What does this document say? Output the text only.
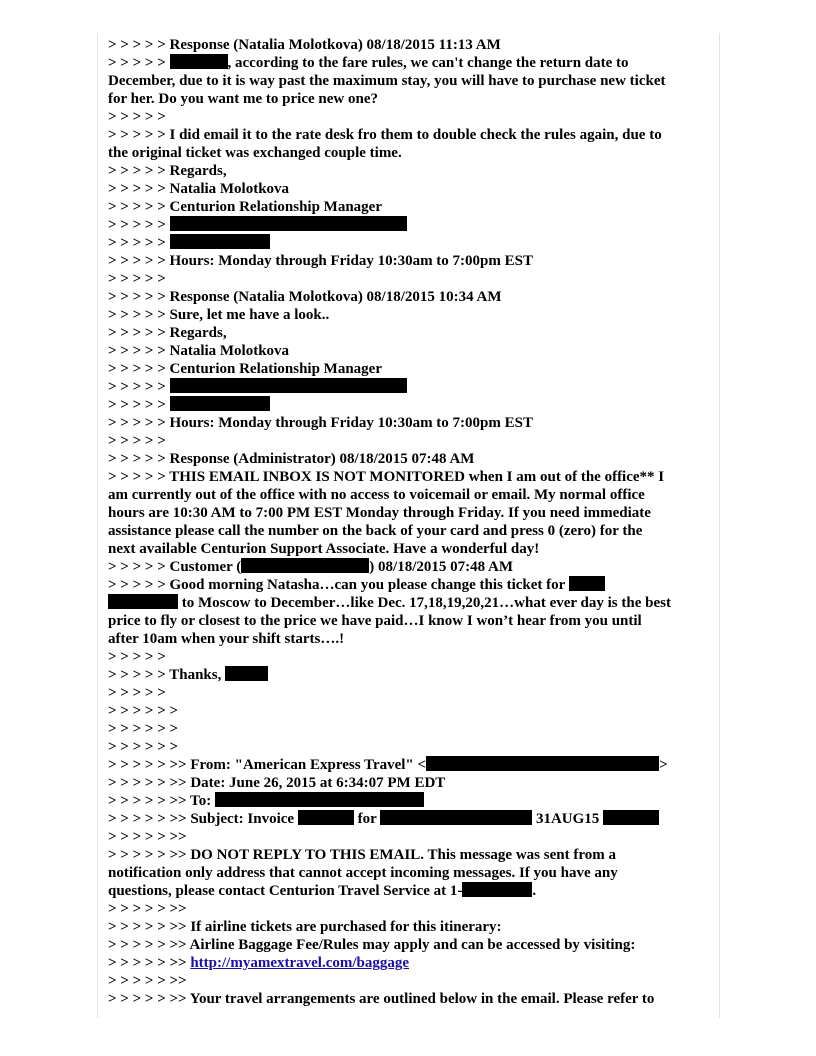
> > > > > Response (Natalia Molotkova) 08/18/2015 11:13 AM
> > > > >	, according to the fare rules, we can't change the return date to
December, due to it is way past the maximum stay, you will have to purchase new ticket
for her. Do you want me to price new one?
> > > > >
> > > > > I did email it to the rate desk fro them to double check the rules again, due to
the original ticket was exchanged couple time.
> > > > > Regards,
> > > > > Natalia Molotkova
> > > > > Centurion Relationship Manager
> > > > >
> > > > >
> > > > > Hours: Monday through Friday 10:30am to 7:00pm EST
> > > > >
> > > > > Response (Natalia Molotkova) 08/18/2015 10:34 AM
> > > > > Sure, let me have a look..
> > > > > Regards,
> > > > > Natalia Molotkova
> > > > > Centurion Relationship Manager
> > > > >
> > > > >
> > > > > Hours: Monday through Friday 10:30am to 7:00pm EST
> > > > >
> > > > > Response (Administrator) 08/18/2015 07:48 AM
> > > > > THIS EMAIL INBOX IS NOT MONITORED when I am out of the office** I
am currently out of the office with no access to voicemail or email. My normal office
hours are 10:30 AM to 7:00 PM EST Monday through Friday. If you need immediate
assistance please call the number on the back of your card and press 0 (zero) for the
next available Centurion Support Associate. Have a wonderful day!
> > > > > Customer (	) 08/18/2015 07:48 AM
> > > > > Good morning Natasha…can you please change this ticket for
to Moscow to December…like Dec. 17,18,19,20,21…what ever day is the best
price to fly or closest to the price we have paid…I know I won’t hear from you until
after 10am when your shift starts….!
> > > > >
> > > > > Thanks,
> > > > >
> > > > > >
> > > > > >
> > > > > >
> > > > > >> From: "American Express Travel" <	>
> > > > > >> Date: June 26, 2015 at 6:34:07 PM EDT
> > > > > >> To:
> > > > > >> Subject: Invoice	for	31AUG15
> > > > > >>
> > > > > >> DO NOT REPLY TO THIS EMAIL. This message was sent from a
notification only address that cannot accept incoming messages. If you have any
questions, please contact Centurion Travel Service at 1-	.
> > > > > >>
> > > > > >> If airline tickets are purchased for this itinerary:
> > > > > >> Airline Baggage Fee/Rules may apply and can be accessed by visiting:
> > > > > >> http://myamextravel.com/baggage
> > > > > >>
> > > > > >> Your travel arrangements are outlined below in the email. Please refer to
